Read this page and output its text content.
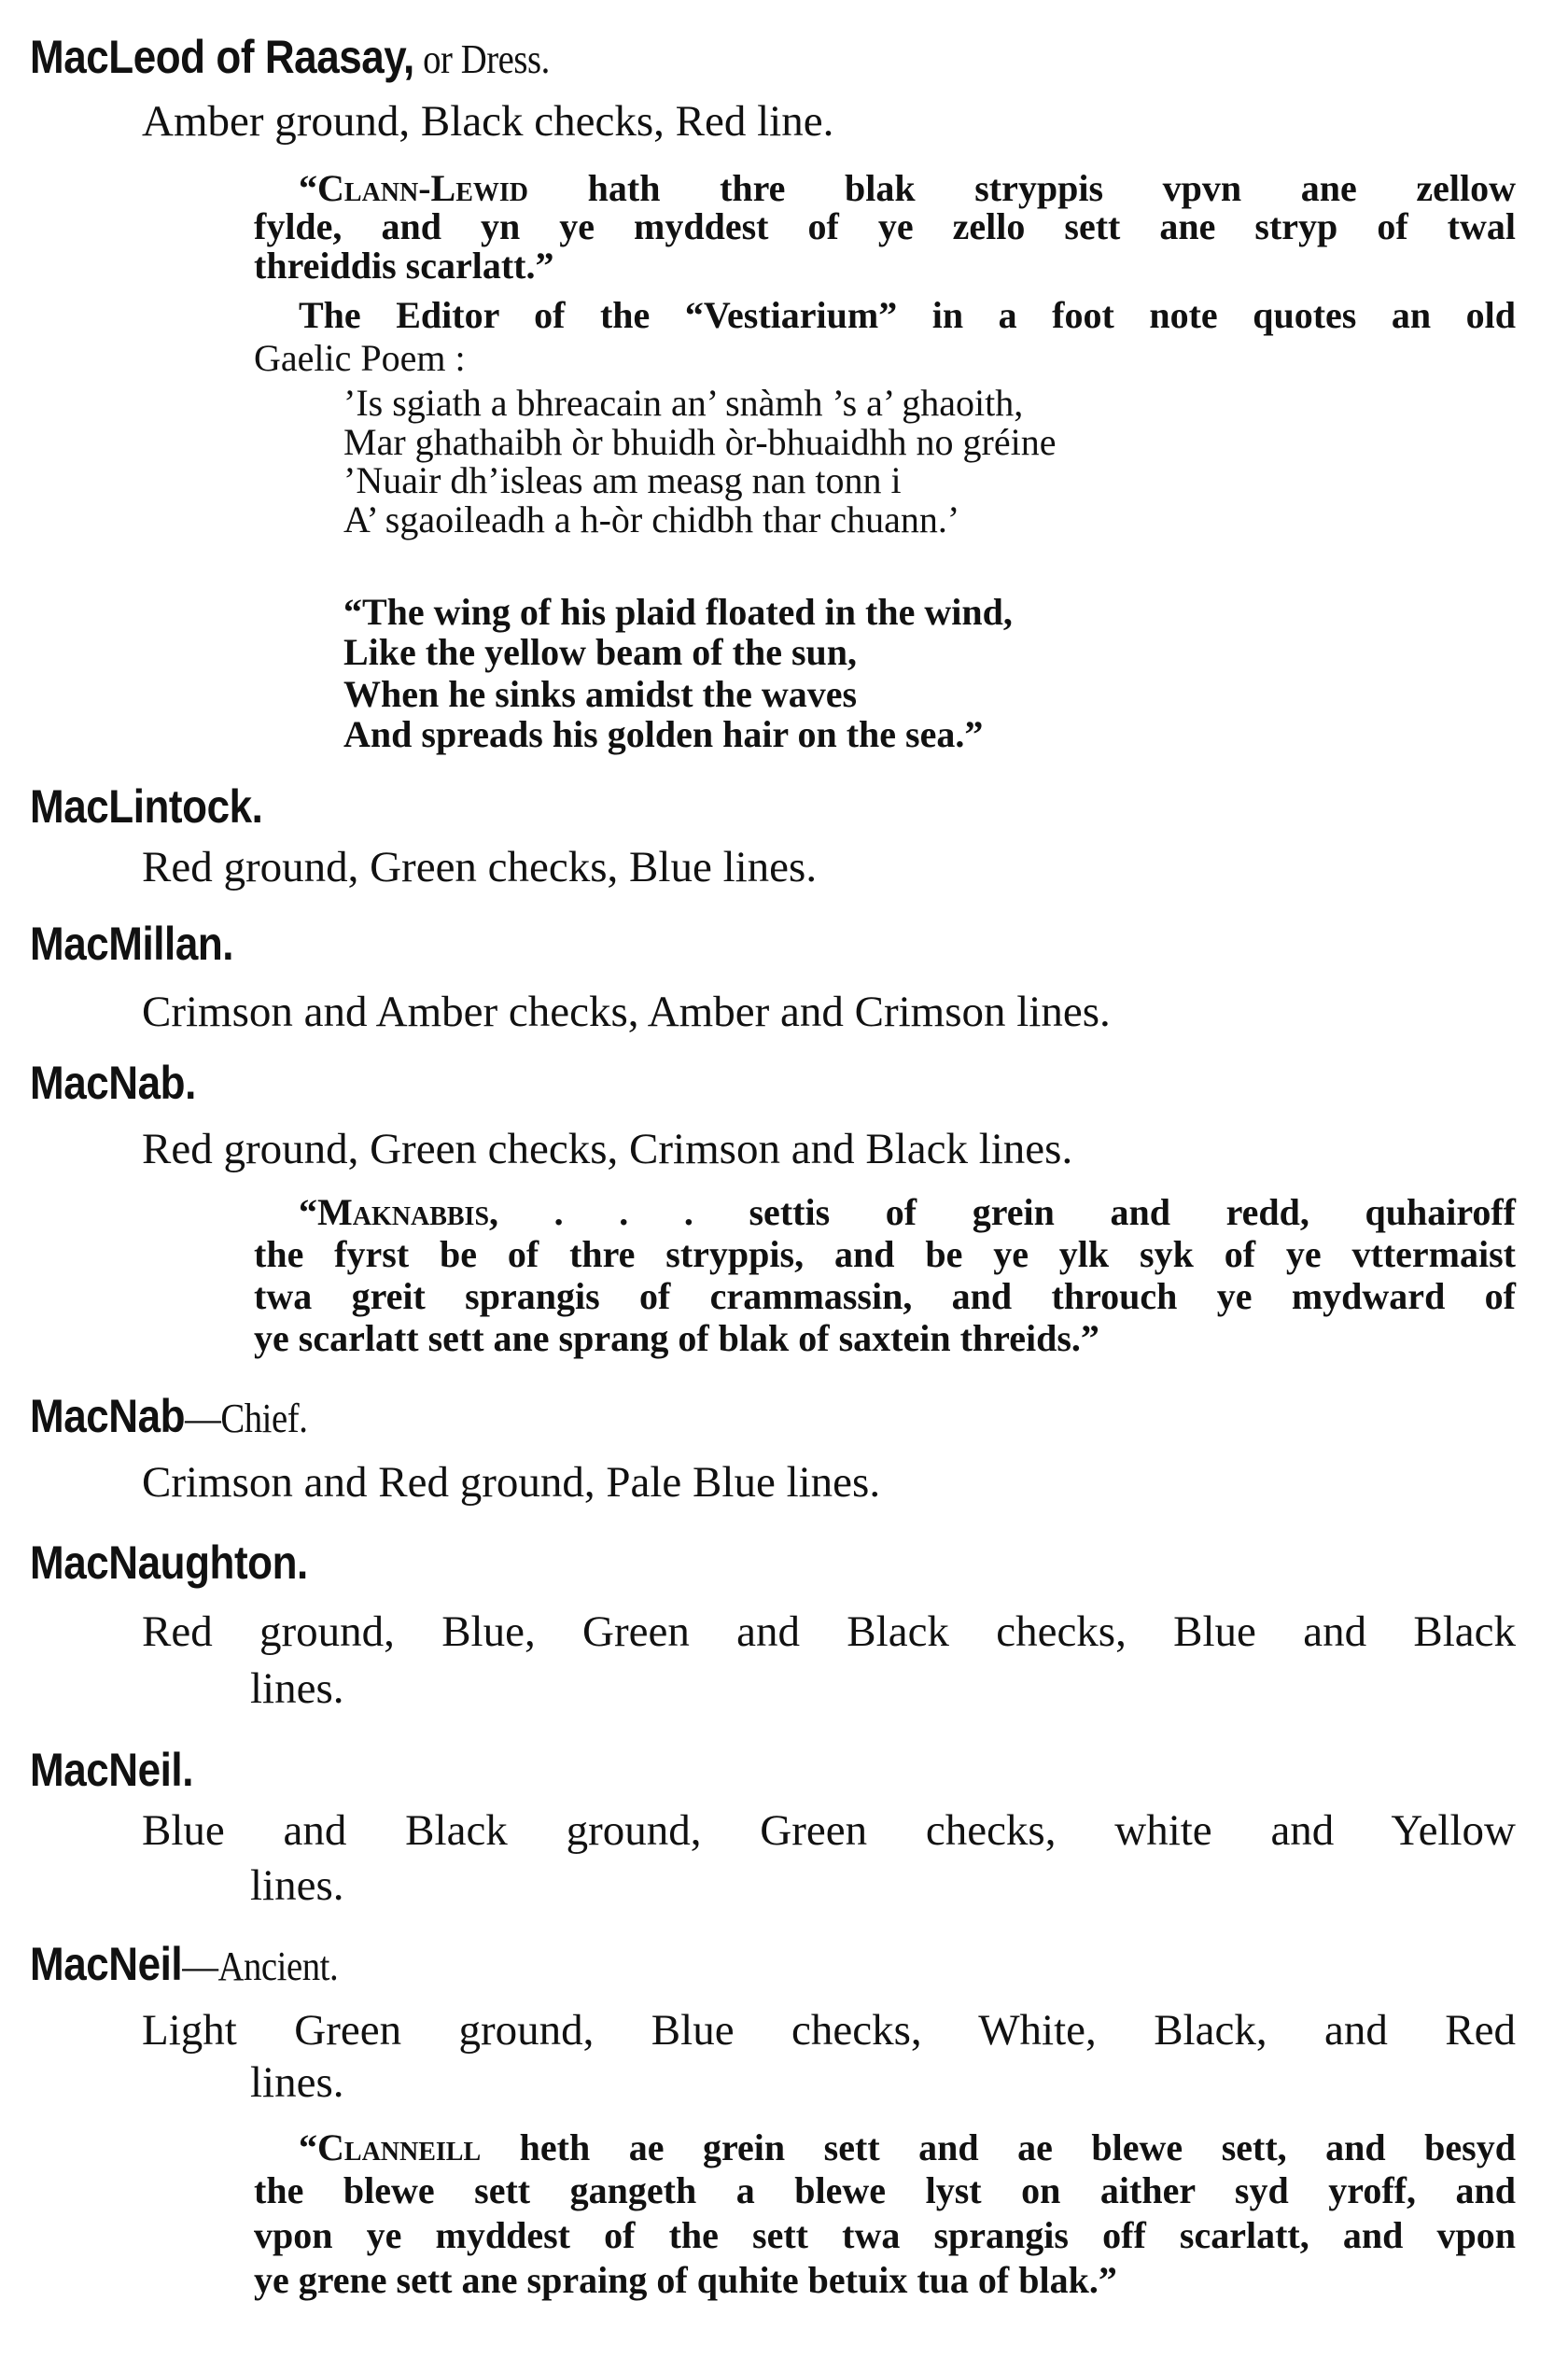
MacLeod of Raasay, or Dress.
Amber ground, Black checks, Red line.
“Clann-Lewid hath thre blak stryppis vpvn ane zellow
fylde, and yn ye myddest of ye zello sett ane stryp of twal
threiddis scarlatt.”
The Editor of the “Vestiarium” in a foot note quotes an old
Gaelic Poem :
’Is sgiath a bhreacain an’ snàmh ’s a’ ghaoith,
Mar ghathaibh òr bhuidh òr-bhuaidhh no gréine
’Nuair dh’isleas am measg nan tonn i
A’ sgaoileadh a h-òr chidbh thar chuann.’
“The wing of his plaid floated in the wind,
Like the yellow beam of the sun,
When he sinks amidst the waves
And spreads his golden hair on the sea.”
MacLintock.
Red ground, Green checks, Blue lines.
MacMillan.
Crimson and Amber checks, Amber and Crimson lines.
MacNab.
Red ground, Green checks, Crimson and Black lines.
“Maknabbis, . . . settis of grein and redd, quhairoff
the fyrst be of thre stryppis, and be ye ylk syk of ye vttermaist
twa greit sprangis of crammassin, and throuch ye mydward of
ye scarlatt sett ane sprang of blak of saxtein threids.”
MacNab—Chief.
Crimson and Red ground, Pale Blue lines.
MacNaughton.
Red ground, Blue, Green and Black checks, Blue and Black
lines.
MacNeil.
Blue and Black ground, Green checks, white and Yellow
lines.
MacNeil—Ancient.
Light Green ground, Blue checks, White, Black, and Red
lines.
“Clanneill heth ae grein sett and ae blewe sett, and besyd
the blewe sett gangeth a blewe lyst on aither syd yroff, and
vpon ye myddest of the sett twa sprangis off scarlatt, and vpon
ye grene sett ane spraing of quhite betuix tua of blak.”
